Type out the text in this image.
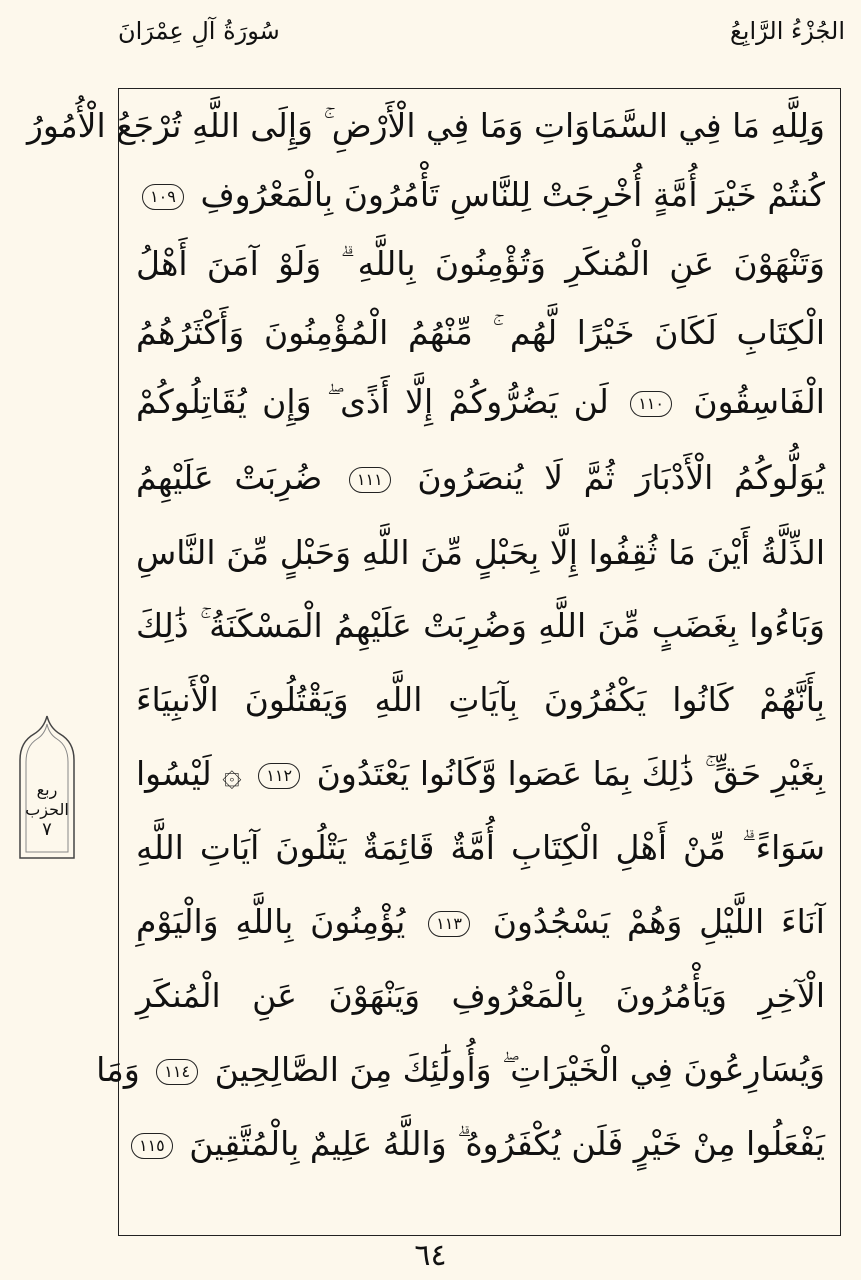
الجُزْءُ الرَّابِعُ
سُورَةُ آلِ عِمْرَانَ
وَلِلَّهِ مَا فِي السَّمَاوَاتِ وَمَا فِي الْأَرْضِ ۚ وَإِلَى اللَّهِ تُرْجَعُ الْأُمُورُ
كُنتُمْ خَيْرَ أُمَّةٍ أُخْرِجَتْ لِلنَّاسِ تَأْمُرُونَ بِالْمَعْرُوفِ ١٠٩
وَتَنْهَوْنَ عَنِ الْمُنكَرِ وَتُؤْمِنُونَ بِاللَّهِ ۗ وَلَوْ آمَنَ أَهْلُ
الْكِتَابِ لَكَانَ خَيْرًا لَّهُم ۚ مِّنْهُمُ الْمُؤْمِنُونَ وَأَكْثَرُهُمُ
الْفَاسِقُونَ ١١٠ لَن يَضُرُّوكُمْ إِلَّا أَذًى ۖ وَإِن يُقَاتِلُوكُمْ
يُوَلُّوكُمُ الْأَدْبَارَ ثُمَّ لَا يُنصَرُونَ ١١١ ضُرِبَتْ عَلَيْهِمُ
الذِّلَّةُ أَيْنَ مَا ثُقِفُوا إِلَّا بِحَبْلٍ مِّنَ اللَّهِ وَحَبْلٍ مِّنَ النَّاسِ
وَبَاءُوا بِغَضَبٍ مِّنَ اللَّهِ وَضُرِبَتْ عَلَيْهِمُ الْمَسْكَنَةُ ۚ ذَٰلِكَ
بِأَنَّهُمْ كَانُوا يَكْفُرُونَ بِآيَاتِ اللَّهِ وَيَقْتُلُونَ الْأَنبِيَاءَ
بِغَيْرِ حَقٍّ ۚ ذَٰلِكَ بِمَا عَصَوا وَّكَانُوا يَعْتَدُونَ ١١٢ ۞ لَيْسُوا
سَوَاءً ۗ مِّنْ أَهْلِ الْكِتَابِ أُمَّةٌ قَائِمَةٌ يَتْلُونَ آيَاتِ اللَّهِ
آنَاءَ اللَّيْلِ وَهُمْ يَسْجُدُونَ ١١٣ يُؤْمِنُونَ بِاللَّهِ وَالْيَوْمِ
الْآخِرِ وَيَأْمُرُونَ بِالْمَعْرُوفِ وَيَنْهَوْنَ عَنِ الْمُنكَرِ
وَيُسَارِعُونَ فِي الْخَيْرَاتِ ۖ وَأُولَٰئِكَ مِنَ الصَّالِحِينَ ١١٤ وَمَا
يَفْعَلُوا مِنْ خَيْرٍ فَلَن يُكْفَرُوهُ ۗ وَاللَّهُ عَلِيمٌ بِالْمُتَّقِينَ ١١٥
ربع
الحزب
٧
٦٤
